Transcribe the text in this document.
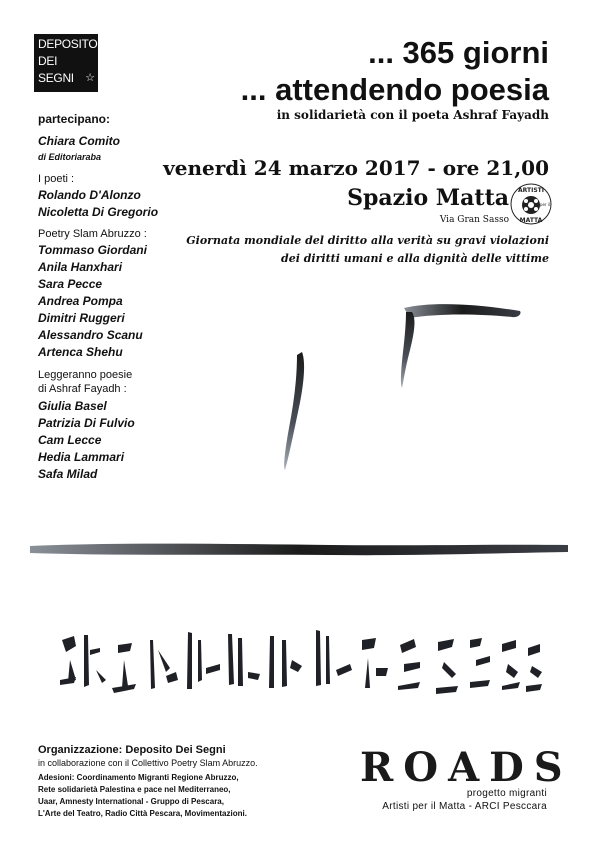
DEPOSITO
DEI
SEGNI ☆
... 365 giorni
... attendendo poesia
in solidarietà con il poeta Ashraf Fayadh
venerdì 24 marzo 2017 - ore 21,00
Spazio Matta
Via Gran Sasso
ARTISTI
per il
MATTA
Giornata mondiale del diritto alla verità su gravi violazioni
dei diritti umani e alla dignità delle vittime
partecipano:
Chiara Comito
di Editoriaraba
I poeti :
Rolando D'Alonzo
Nicoletta Di Gregorio
Poetry Slam Abruzzo :
Tommaso Giordani
Anila Hanxhari
Sara Pecce
Andrea Pompa
Dimitri Ruggeri
Alessandro Scanu
Artenca Shehu
Leggeranno poesie
di Ashraf Fayadh :
Giulia Basel
Patrizia Di Fulvio
Cam Lecce
Hedia Lammari
Safa Milad
Organizzazione: Deposito Dei Segni
in collaborazione con il Collettivo Poetry Slam Abruzzo.
Adesioni: Coordinamento Migranti Regione Abruzzo,
Rete solidarietà Palestina e pace nel Mediterraneo,
Uaar, Amnesty International - Gruppo di Pescara,
L'Arte del Teatro, Radio Città Pescara, Movimentazioni.
ROADS
progetto migranti
Artisti per il Matta - ARCI Pesccara
